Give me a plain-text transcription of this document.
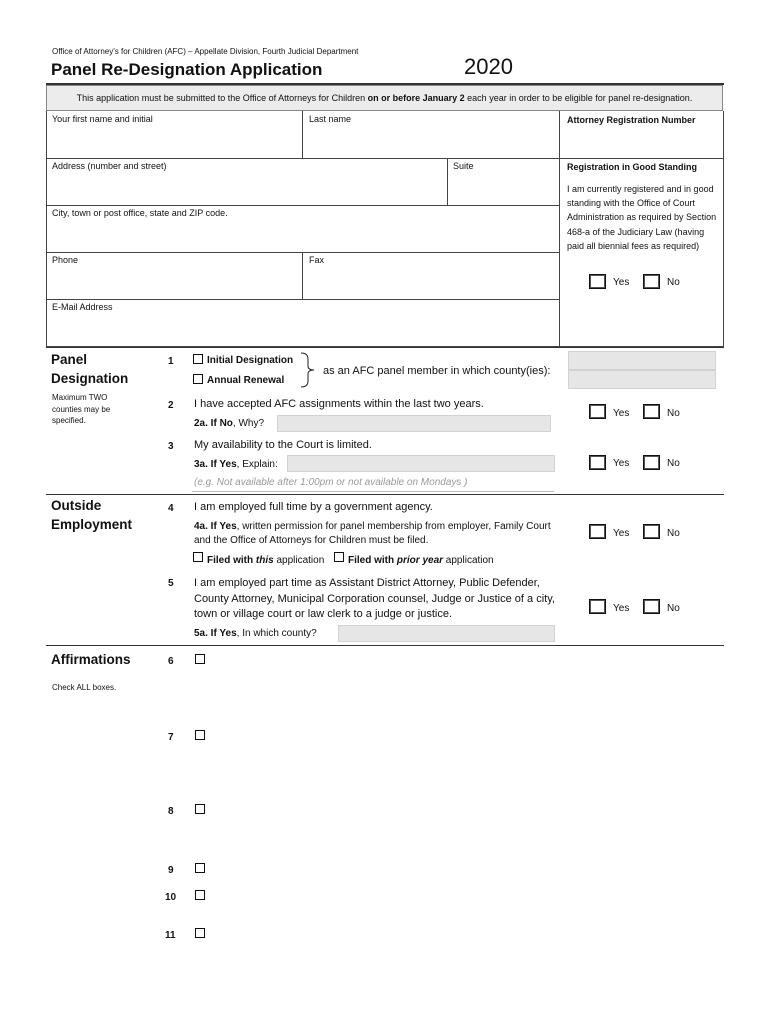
Office of Attorney's for Children (AFC) – Appellate Division, Fourth Judicial Department
Panel Re-Designation Application	2020
This application must be submitted to the Office of Attorneys for Children on or before January 2 each year in order to be eligible for panel re-designation.
Your first name and initial	Last name	Attorney Registration Number
Address (number and street)	Suite
City, town or post office, state and ZIP code.
Phone	Fax
E-Mail Address
Registration in Good Standing
I am currently registered and in good standing with the Office of Court Administration as required by Section 468-a of the Judiciary Law (having paid all biennial fees as required)
Yes	No
Panel
Designation
Maximum TWO counties may be specified.
1	Initial Designation
Annual Renewal
as an AFC panel member in which county(ies):
2 I have accepted AFC assignments within the last two years.
2a. If No, Why?
Yes	No
3 My availability to the Court is limited.
3a. If Yes, Explain:
(e.g. Not available after 1:00pm or not available on Mondays )
Yes	No
Outside
Employment
4 I am employed full time by a government agency.
4a. If Yes, written permission for panel membership from employer, Family Court and the Office of Attorneys for Children must be filed.
Yes	No
Filed with this application Filed with prior year application
5 I am employed part time as Assistant District Attorney, Public Defender, County Attorney, Municipal Corporation counsel, Judge or Justice of a city, town or village court or law clerk to a judge or justice.
5a. If Yes, In which county?
Yes	No
Affirmations
Check ALL boxes.
6
7
8
9
10
11
